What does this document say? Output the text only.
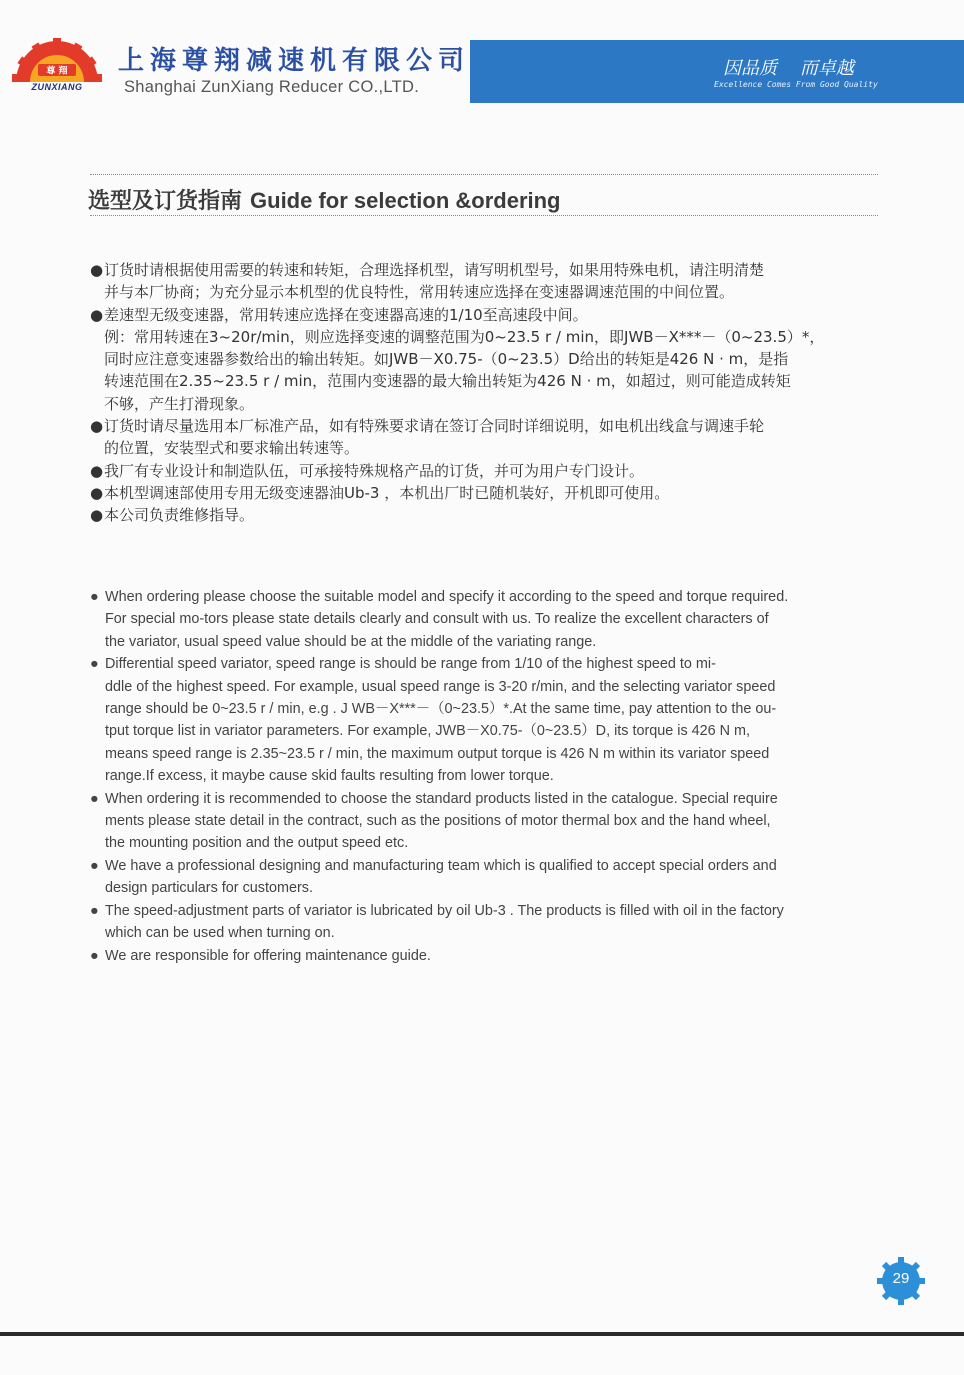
尊 翔
ZUNXIANG
上海尊翔减速机有限公司
Shanghai ZunXiang Reducer CO.,LTD.
因品质    而卓越
Excellence Comes From Good Quality
选型及订货指南 Guide for selection &ordering
●订货时请根据使用需要的转速和转矩，合理选择机型，请写明机型号，如果用特殊电机，请注明清楚
并与本厂协商；为充分显示本机型的优良特性，常用转速应选择在变速器调速范围的中间位置。
●差速型无级变速器，常用转速应选择在变速器高速的1/10至高速段中间。
例：常用转速在3~20r/min，则应选择变速的调整范围为0~23.5 r / min，即JWB－X***－（0~23.5）*，
同时应注意变速器参数给出的输出转矩。如JWB－X0.75-（0~23.5）D给出的转矩是426 N · m，是指
转速范围在2.35~23.5 r / min，范围内变速器的最大输出转矩为426 N · m，如超过，则可能造成转矩
不够，产生打滑现象。
●订货时请尽量选用本厂标准产品，如有特殊要求请在签订合同时详细说明，如电机出线盒与调速手轮
的位置，安装型式和要求输出转速等。
●我厂有专业设计和制造队伍，可承接特殊规格产品的订货，并可为用户专门设计。
●本机型调速部使用专用无级变速器油Ub-3 ，本机出厂时已随机装好，开机即可使用。
●本公司负责维修指导。
● When ordering please choose the suitable model and specify it according to the speed and torque required.
For special mo-tors please state details clearly and consult with us. To realize the excellent characters of
the variator, usual speed value should be at the middle of the variating range.
● Differential speed variator, speed range is should be range from 1/10 of the highest speed to mi-
ddle of the highest speed. For example, usual speed range is 3-20 r/min, and the selecting variator speed
range should be 0~23.5 r / min, e.g . J WB－X***－（0~23.5）*.At the same time, pay attention to the ou-
tput torque list in variator parameters. For example, JWB－X0.75-（0~23.5）D, its torque is 426 N m,
means speed range is 2.35~23.5 r / min, the maximum output torque is 426 N m within its variator speed
range.If excess, it maybe cause skid faults resulting from lower torque.
● When ordering it is recommended to choose the standard products listed in the catalogue. Special require
ments please state detail in the contract, such as the positions of motor thermal box and the hand wheel,
the mounting position and the output speed etc.
● We have a professional designing and manufacturing team which is qualified to accept special orders and
design particulars for customers.
● The speed-adjustment parts of variator is lubricated by oil Ub-3 . The products is filled with oil in the factory
which can be used when turning on.
● We are responsible for offering maintenance guide.
29
